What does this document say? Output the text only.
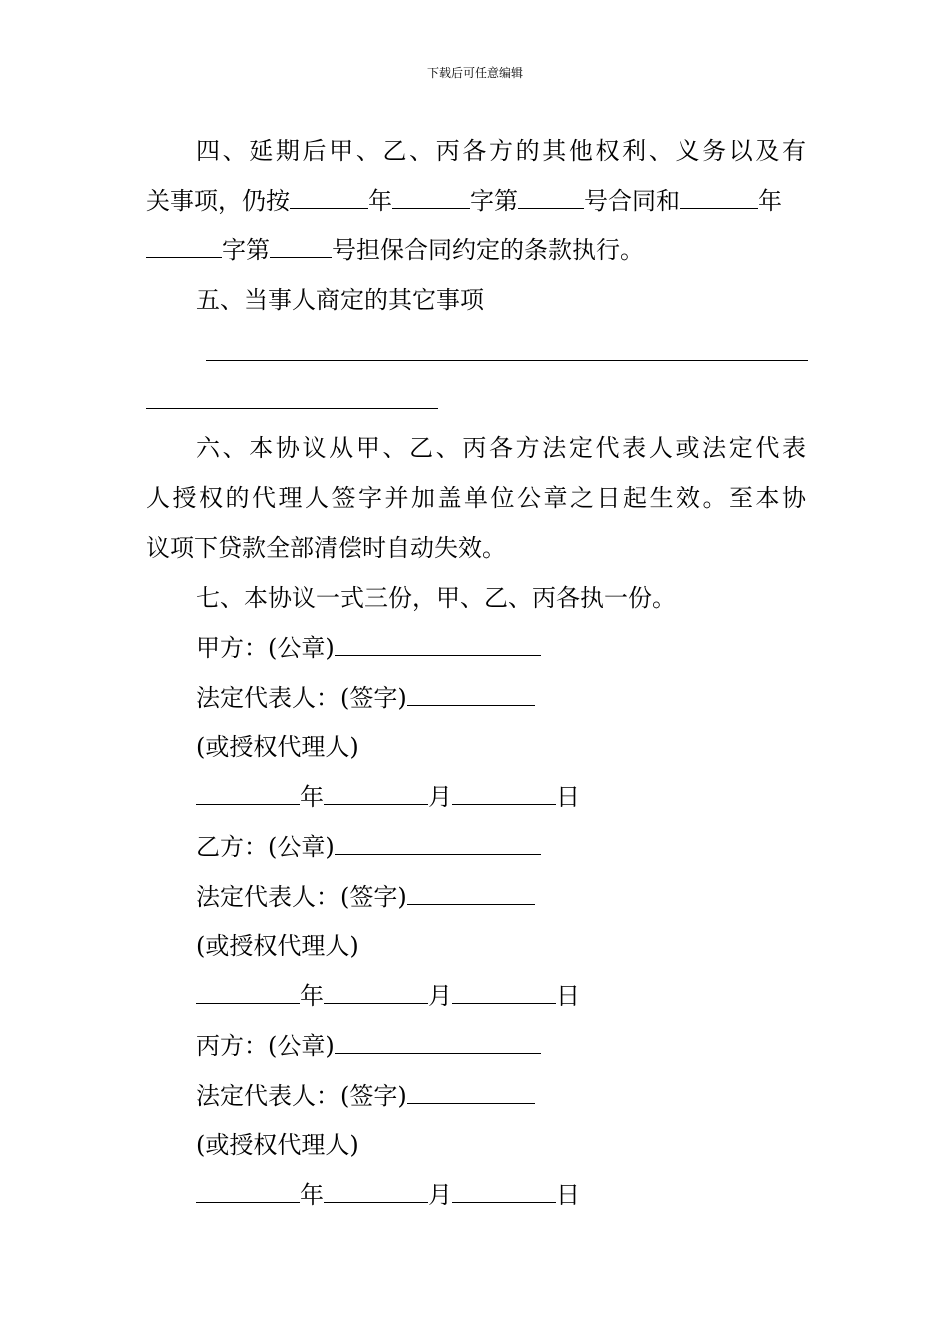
下载后可任意编辑
四、延期后甲、乙、丙各方的其他权利、义务以及有
关事项，仍按	年	字第	号合同和	年
字第	号担保合同约定的条款执行。
五、当事人商定的其它事项
六、本协议从甲、乙、丙各方法定代表人或法定代表
人授权的代理人签字并加盖单位公章之日起生效。至本协
议项下贷款全部清偿时自动失效。
七、本协议一式三份，甲、乙、丙各执一份。
甲方：(公章)
法定代表人：(签字)
(或授权代理人)
年	月	日
乙方：(公章)
法定代表人：(签字)
(或授权代理人)
年	月	日
丙方：(公章)
法定代表人：(签字)
(或授权代理人)
年	月	日
